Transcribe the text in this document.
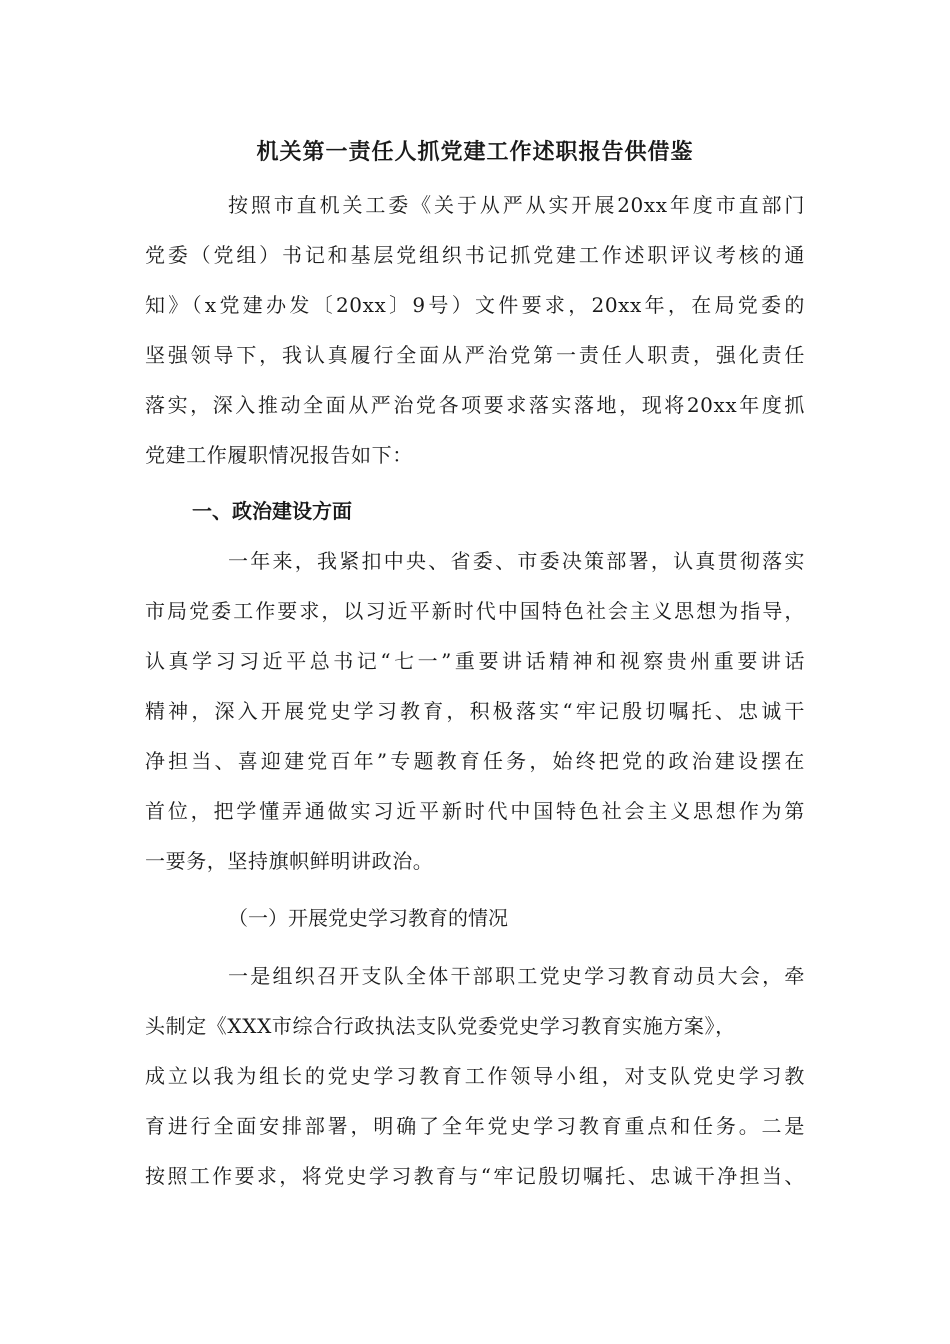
机关第一责任人抓党建工作述职报告供借鉴
按照市直机关工委《关于从严从实开展20xx年度市直部门
党委（党组）书记和基层党组织书记抓党建工作述职评议考核的通
知》（x党建办发〔20xx〕9号）文件要求，20xx年，在局党委的
坚强领导下，我认真履行全面从严治党第一责任人职责，强化责任
落实，深入推动全面从严治党各项要求落实落地，现将20xx年度抓
党建工作履职情况报告如下：
一、政治建设方面
一年来，我紧扣中央、省委、市委决策部署，认真贯彻落实
市局党委工作要求，以习近平新时代中国特色社会主义思想为指导，
认真学习习近平总书记“七一”重要讲话精神和视察贵州重要讲话
精神，深入开展党史学习教育，积极落实“牢记殷切嘱托、忠诚干
净担当、喜迎建党百年”专题教育任务，始终把党的政治建设摆在
首位，把学懂弄通做实习近平新时代中国特色社会主义思想作为第
一要务，坚持旗帜鲜明讲政治。
（一）开展党史学习教育的情况
一是组织召开支队全体干部职工党史学习教育动员大会，牵
头制定《XXX市综合行政执法支队党委党史学习教育实施方案》，
成立以我为组长的党史学习教育工作领导小组，对支队党史学习教
育进行全面安排部署，明确了全年党史学习教育重点和任务。二是
按照工作要求，将党史学习教育与“牢记殷切嘱托、忠诚干净担当、
